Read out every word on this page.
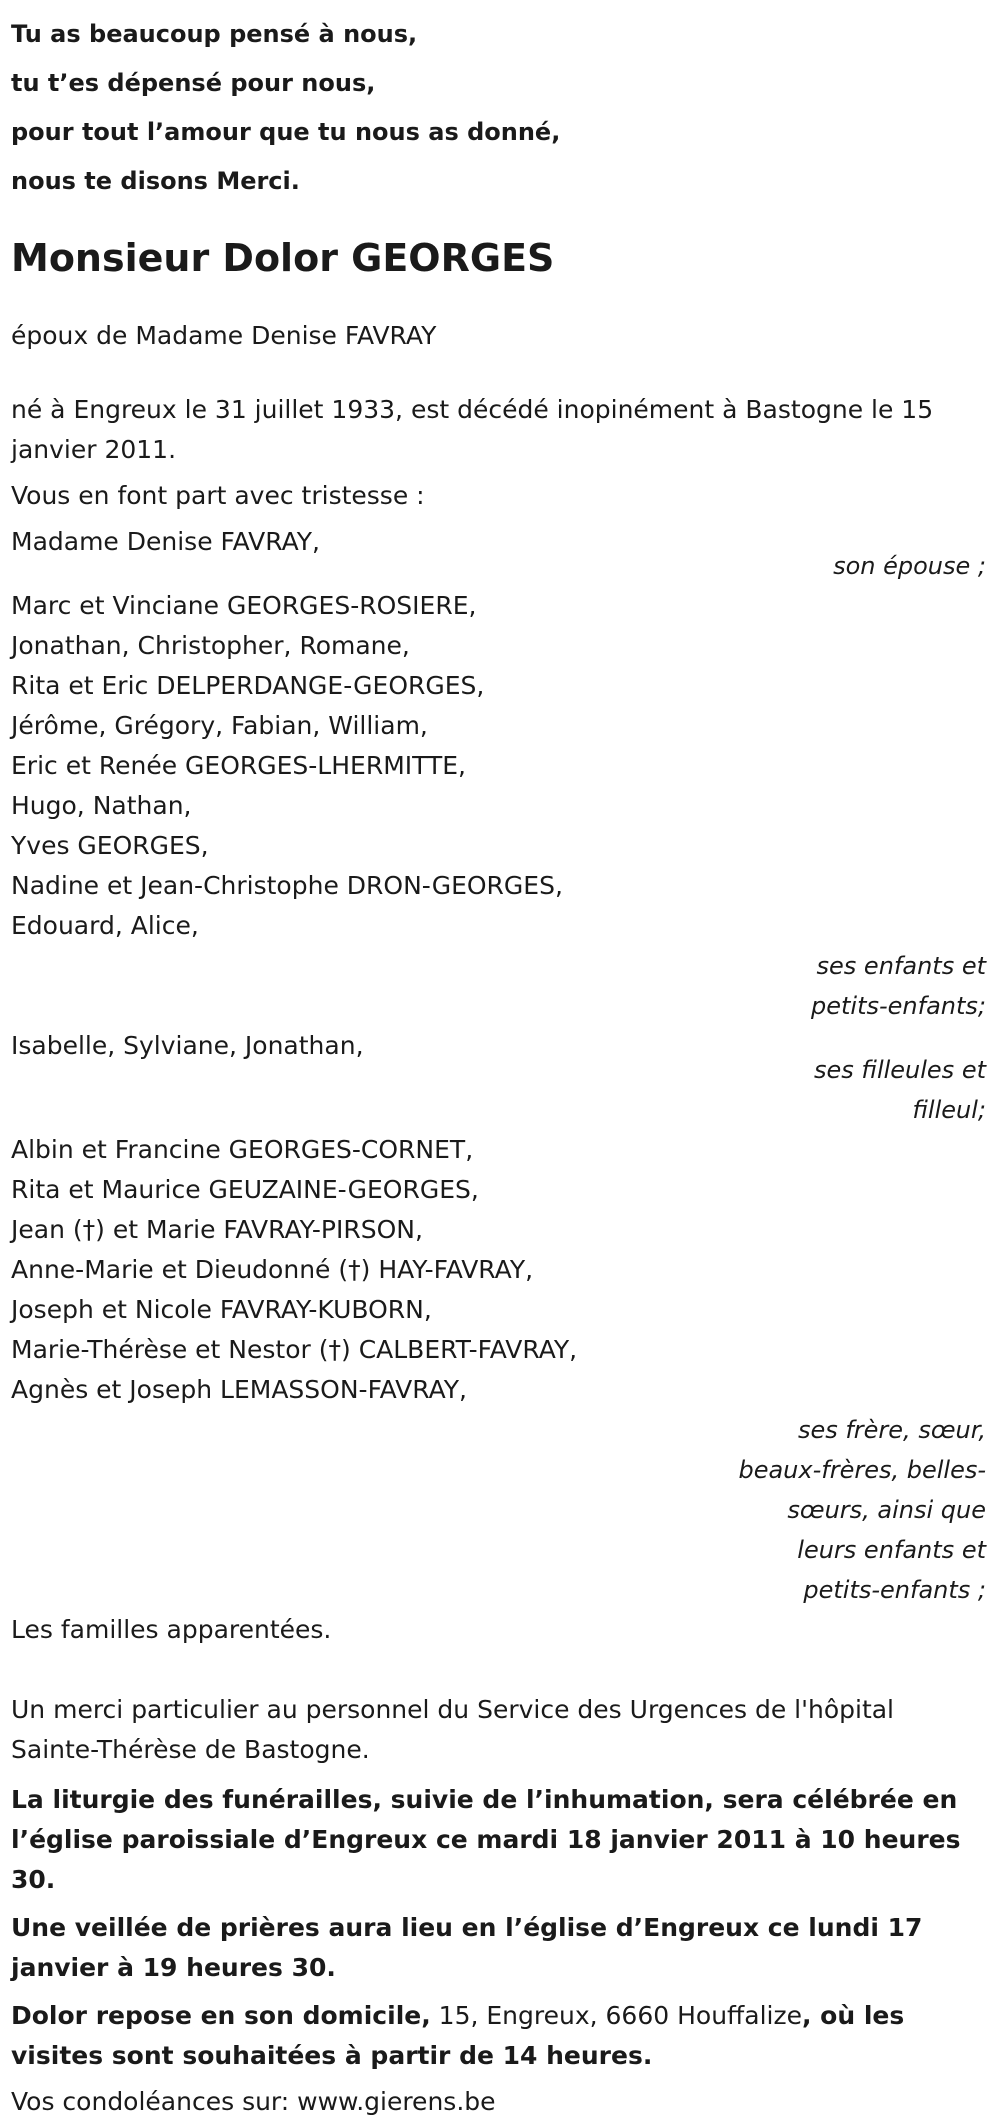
Tu as beaucoup pensé à nous,
tu t’es dépensé pour nous,
pour tout l’amour que tu nous as donné,
nous te disons Merci.
Monsieur Dolor GEORGES
époux de Madame Denise FAVRAY
né à Engreux le 31 juillet 1933, est décédé inopinément à Bastogne le 15 janvier 2011.
Vous en font part avec tristesse :
Madame Denise FAVRAY,
son épouse ;
Marc et Vinciane GEORGES-ROSIERE,
Jonathan, Christopher, Romane,
Rita et Eric DELPERDANGE-GEORGES,
Jérôme, Grégory, Fabian, William,
Eric et Renée GEORGES-LHERMITTE,
Hugo, Nathan,
Yves GEORGES,
Nadine et Jean-Christophe DRON-GEORGES,
Edouard, Alice,
ses enfants et petits-enfants;
Isabelle, Sylviane, Jonathan,
ses filleules et filleul;
Albin et Francine GEORGES-CORNET,
Rita et Maurice GEUZAINE-GEORGES,
Jean (†) et Marie FAVRAY-PIRSON,
Anne-Marie et Dieudonné (†) HAY-FAVRAY,
Joseph et Nicole FAVRAY-KUBORN,
Marie-Thérèse et Nestor (†) CALBERT-FAVRAY,
Agnès et Joseph LEMASSON-FAVRAY,
ses frère, sœur, beaux-frères, belles-sœurs, ainsi que leurs enfants et petits-enfants ;
Les familles apparentées.
Un merci particulier au personnel du Service des Urgences de l'hôpital Sainte-Thérèse de Bastogne.
La liturgie des funérailles, suivie de l’inhumation, sera célébrée en l’église paroissiale d’Engreux ce mardi 18 janvier 2011 à 10 heures 30.
Une veillée de prières aura lieu en l’église d’Engreux ce lundi 17 janvier à 19 heures 30.
Dolor repose en son domicile, 15, Engreux, 6660 Houffalize, où les visites sont souhaitées à partir de 14 heures.
Vos condoléances sur: www.gierens.be
